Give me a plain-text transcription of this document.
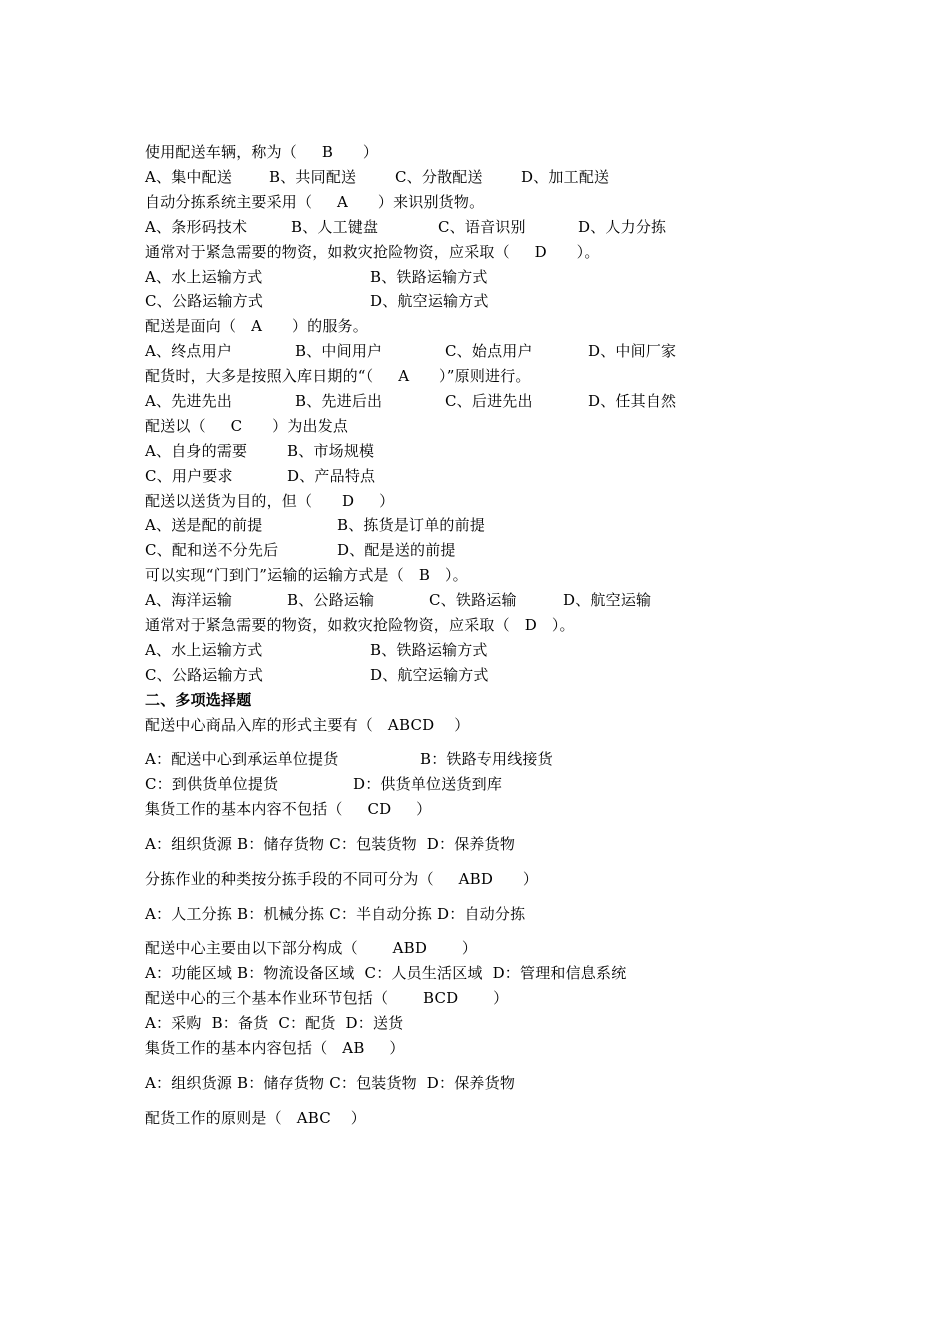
使用配送车辆，称为（     B      ）
A、集中配送 B、共同配送	C、分散配送	D、加工配送
自动分拣系统主要采用（     A      ）来识别货物。
A、条形码技术	B、人工键盘	C、语音识别	D、人力分拣
通常对于紧急需要的物资，如救灾抢险物资，应采取（     D      ）。
A、水上运输方式	B、铁路运输方式
C、公路运输方式	D、航空运输方式
配送是面向（   A      ）的服务。
A、终点用户	B、中间用户	C、始点用户	D、中间厂家
配货时，大多是按照入库日期的“（     A      ）”原则进行。
A、先进先出	B、先进后出	C、后进先出	D、任其自然
配送以（     C      ）为出发点
A、自身的需要	B、市场规模
C、用户要求	D、产品特点
配送以送货为目的，但（      D     ）
A、送是配的前提	B、拣货是订单的前提
C、配和送不分先后	D、配是送的前提
可以实现“门到门”运输的运输方式是（   B   ）。
A、海洋运输	B、公路运输	C、铁路运输	D、航空运输
通常对于紧急需要的物资，如救灾抢险物资，应采取（   D   ）。
A、水上运输方式	B、铁路运输方式
C、公路运输方式	D、航空运输方式
二、多项选择题
配送中心商品入库的形式主要有（   ABCD    ）
A：配送中心到承运单位提货	B：铁路专用线接货
C：到供货单位提货	D：供货单位送货到库
集货工作的基本内容不包括（     CD     ）
A：组织货源 B：储存货物 C：包装货物  D：保养货物
分拣作业的种类按分拣手段的不同可分为（     ABD      ）
A：人工分拣 B：机械分拣 C：半自动分拣 D：自动分拣
配送中心主要由以下部分构成（       ABD       ）
A：功能区域 B：物流设备区域  C：人员生活区域  D：管理和信息系统
配送中心的三个基本作业环节包括（       BCD       ）
A：采购  B：备货  C：配货  D：送货
集货工作的基本内容包括（   AB     ）
A：组织货源 B：储存货物 C：包装货物  D：保养货物
配货工作的原则是（   ABC    ）
